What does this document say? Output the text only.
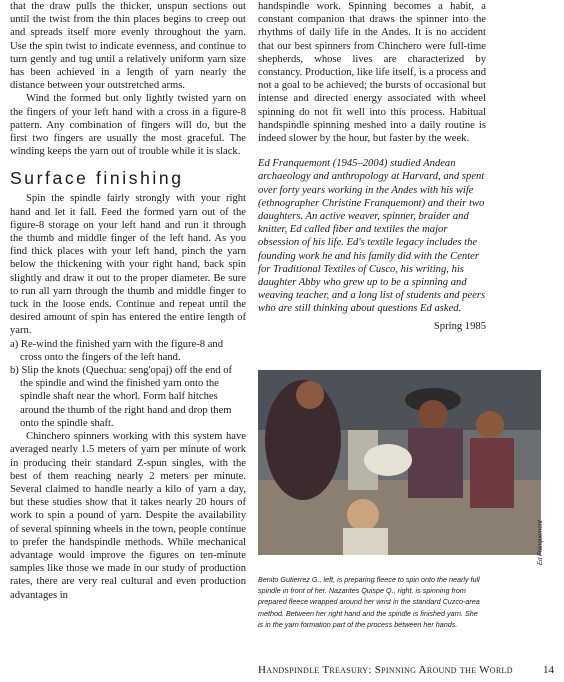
that the draw pulls the thicker, unspun sections out until the twist from the thin places begins to creep out and spreads itself more evenly throughout the yarn. Use the spin twist to indicate evenness, and continue to turn gently and tug until a relatively uniform yarn size has been achieved in a length of yarn nearly the distance between your outstretched arms.

Wind the formed but only lightly twisted yarn on the fingers of your left hand with a cross in a figure-8 pattern. Any combination of fingers will do, but the first two fingers are usually the most graceful. The winding keeps the yarn out of trouble while it is slack.

Surface finishing

Spin the spindle fairly strongly with your right hand and let it fall. Feed the formed yarn out of the figure-8 storage on your left hand and run it through the thumb and middle finger of the left hand. As you find thick places with your left hand, pinch the yarn below the thickening with your right hand, back spin slightly and draw it out to the proper diameter. Be sure to run all yarn through the thumb and middle finger to tuck in the loose ends. Continue and repeat until the desired amount of spin has entered the entire length of yarn.

a) Re-wind the finished yarn with the figure-8 and cross onto the fingers of the left hand.
b) Slip the knots (Quechua: seng'opaj) off the end of the spindle and wind the finished yarn onto the spindle shaft near the whorl. Form half hitches around the thumb of the right hand and drop them onto the spindle shaft.

Chinchero spinners working with this system have averaged nearly 1.5 meters of yarn per minute of work in producing their standard Z-spun singles, with the best of them reaching nearly 2 meters per minute. Several claimed to handle nearly a kilo of yarn a day, but these studies show that it takes nearly 20 hours of work to spin a pound of yarn. Despite the availability of several spinning wheels in the town, people continue to prefer the handspindle methods. While mechanical advantage would improve the figures on ten-minute samples like those we made in our study of production rates, there are very real cultural and even production advantages in

handspindle work. Spinning becomes a habit, a constant companion that draws the spinner into the rhythms of daily life in the Andes. It is no accident that our best spinners from Chinchero were full-time shepherds, whose lives are characterized by constancy. Production, like life itself, is a process and not a goal to be achieved; the bursts of occasional but intense and directed energy associated with wheel spinning do not fit well into this process. Habitual handspindle spinning meshed into a daily routine is indeed slower by the hour, but faster by the week.

Ed Franquemont (1945–2004) studied Andean archaeology and anthropology at Harvard, and spent over forty years working in the Andes with his wife (ethnographer Christine Franquemont) and their two daughters. An active weaver, spinner, braider and knitter, Ed called fiber and textiles the major obsession of his life. Ed's textile legacy includes the founding work he and his family did with the Center for Traditional Textiles of Cusco, his writing, his daughter Abby who grew up to be a spinning and weaving teacher, and a long list of students and peers who are still thinking about questions Ed asked.

Spring 1985
Ed Franquemont
Benito Gutierrez G., left, is preparing fleece to spin onto the nearly full spindle in front of her. Nazarites Quispe Q., right, is spinning from prepared fleece wrapped around her wrist in the standard Cuzco-area method. Between her right hand and the spindle is finished yarn. She is in the yarn formation part of the process between her hands.
Handspindle Treasury: Spinning Around the World	14
